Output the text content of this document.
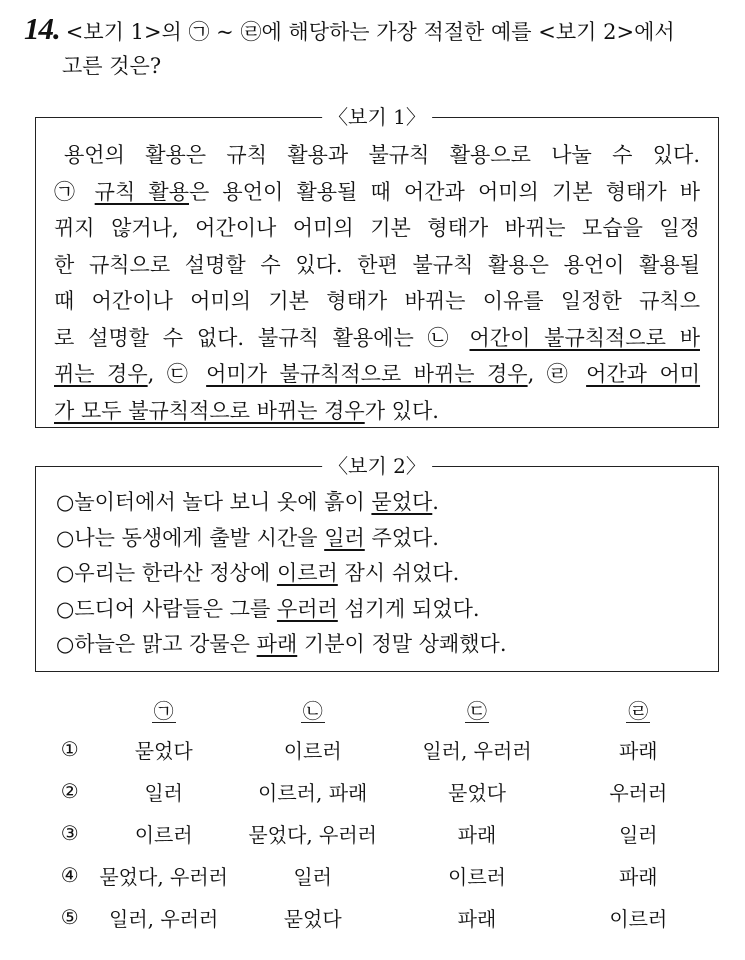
14. <보기 1>의 ㉠ ~ ㉣에 해당하는 가장 적절한 예를 <보기 2>에서
고른 것은?
〈보기 1〉
용언의 활용은 규칙 활용과 불규칙 활용으로 나눌 수 있다.
㉠ 규칙 활용은 용언이 활용될 때 어간과 어미의 기본 형태가 바
뀌지 않거나, 어간이나 어미의 기본 형태가 바뀌는 모습을 일정
한 규칙으로 설명할 수 있다. 한편 불규칙 활용은 용언이 활용될
때 어간이나 어미의 기본 형태가 바뀌는 이유를 일정한 규칙으
로 설명할 수 없다. 불규칙 활용에는 ㉡ 어간이 불규칙적으로 바
뀌는 경우, ㉢ 어미가 불규칙적으로 바뀌는 경우, ㉣ 어간과 어미
가 모두 불규칙적으로 바뀌는 경우가 있다.
〈보기 2〉
○놀이터에서 놀다 보니 옷에 흙이 묻었다.
○나는 동생에게 출발 시간을 일러 주었다.
○우리는 한라산 정상에 이르러 잠시 쉬었다.
○드디어 사람들은 그를 우러러 섬기게 되었다.
○하늘은 맑고 강물은 파래 기분이 정말 상쾌했다.
	㉠	㉡	㉢	㉣
①	묻었다	이르러	일러, 우러러	파래
②	일러	이르러, 파래	묻었다	우러러
③	이르러	묻었다, 우러러	파래	일러
④	묻었다, 우러러	일러	이르러	파래
⑤	일러, 우러러	묻었다	파래	이르러
